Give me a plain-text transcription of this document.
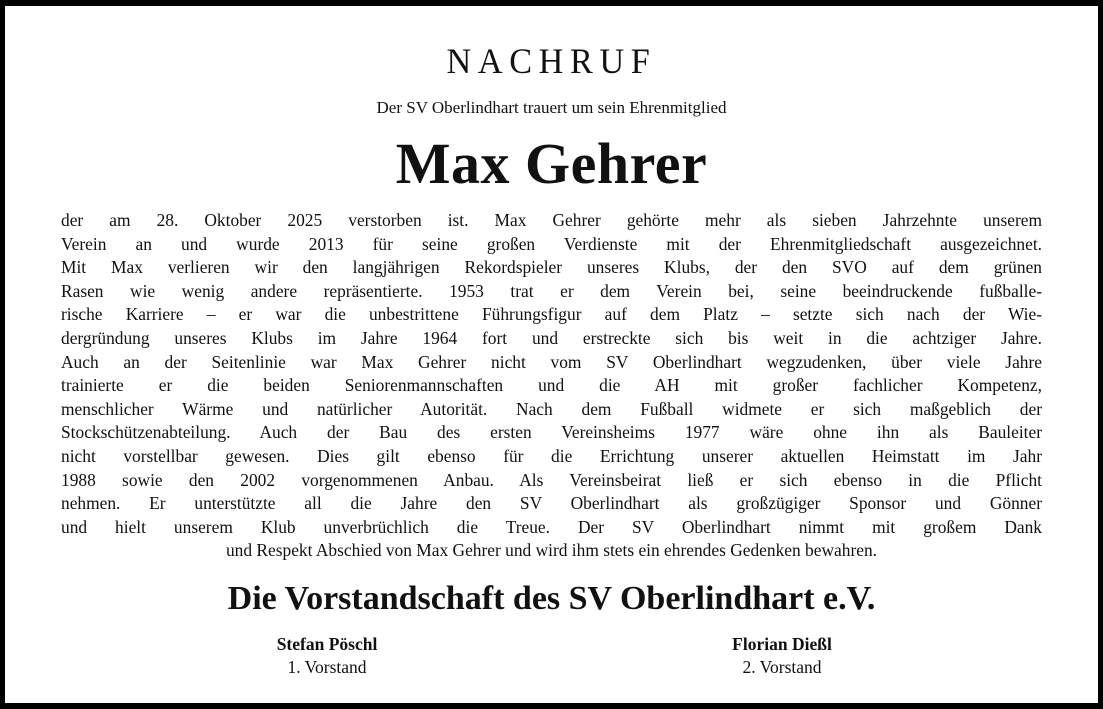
NACHRUF
Der SV Oberlindhart trauert um sein Ehrenmitglied
Max Gehrer
der am 28. Oktober 2025 verstorben ist. Max Gehrer gehörte mehr als sieben Jahrzehnte unserem
Verein an und wurde 2013 für seine großen Verdienste mit der Ehrenmitgliedschaft ausgezeichnet.
Mit Max verlieren wir den langjährigen Rekordspieler unseres Klubs, der den SVO auf dem grünen
Rasen wie wenig andere repräsentierte. 1953 trat er dem Verein bei, seine beeindruckende fußballe-
rische Karriere – er war die unbestrittene Führungsfigur auf dem Platz – setzte sich nach der Wie-
dergründung unseres Klubs im Jahre 1964 fort und erstreckte sich bis weit in die achtziger Jahre.
Auch an der Seitenlinie war Max Gehrer nicht vom SV Oberlindhart wegzudenken, über viele Jahre
trainierte er die beiden Seniorenmannschaften und die AH mit großer fachlicher Kompetenz,
menschlicher Wärme und natürlicher Autorität. Nach dem Fußball widmete er sich maßgeblich der
Stockschützenabteilung. Auch der Bau des ersten Vereinsheims 1977 wäre ohne ihn als Bauleiter
nicht vorstellbar gewesen. Dies gilt ebenso für die Errichtung unserer aktuellen Heimstatt im Jahr
1988 sowie den 2002 vorgenommenen Anbau. Als Vereinsbeirat ließ er sich ebenso in die Pflicht
nehmen. Er unterstützte all die Jahre den SV Oberlindhart als großzügiger Sponsor und Gönner
und hielt unserem Klub unverbrüchlich die Treue. Der SV Oberlindhart nimmt mit großem Dank
und Respekt Abschied von Max Gehrer und wird ihm stets ein ehrendes Gedenken bewahren.
Die Vorstandschaft des SV Oberlindhart e.V.
Stefan Pöschl
1. Vorstand
Florian Dießl
2. Vorstand
